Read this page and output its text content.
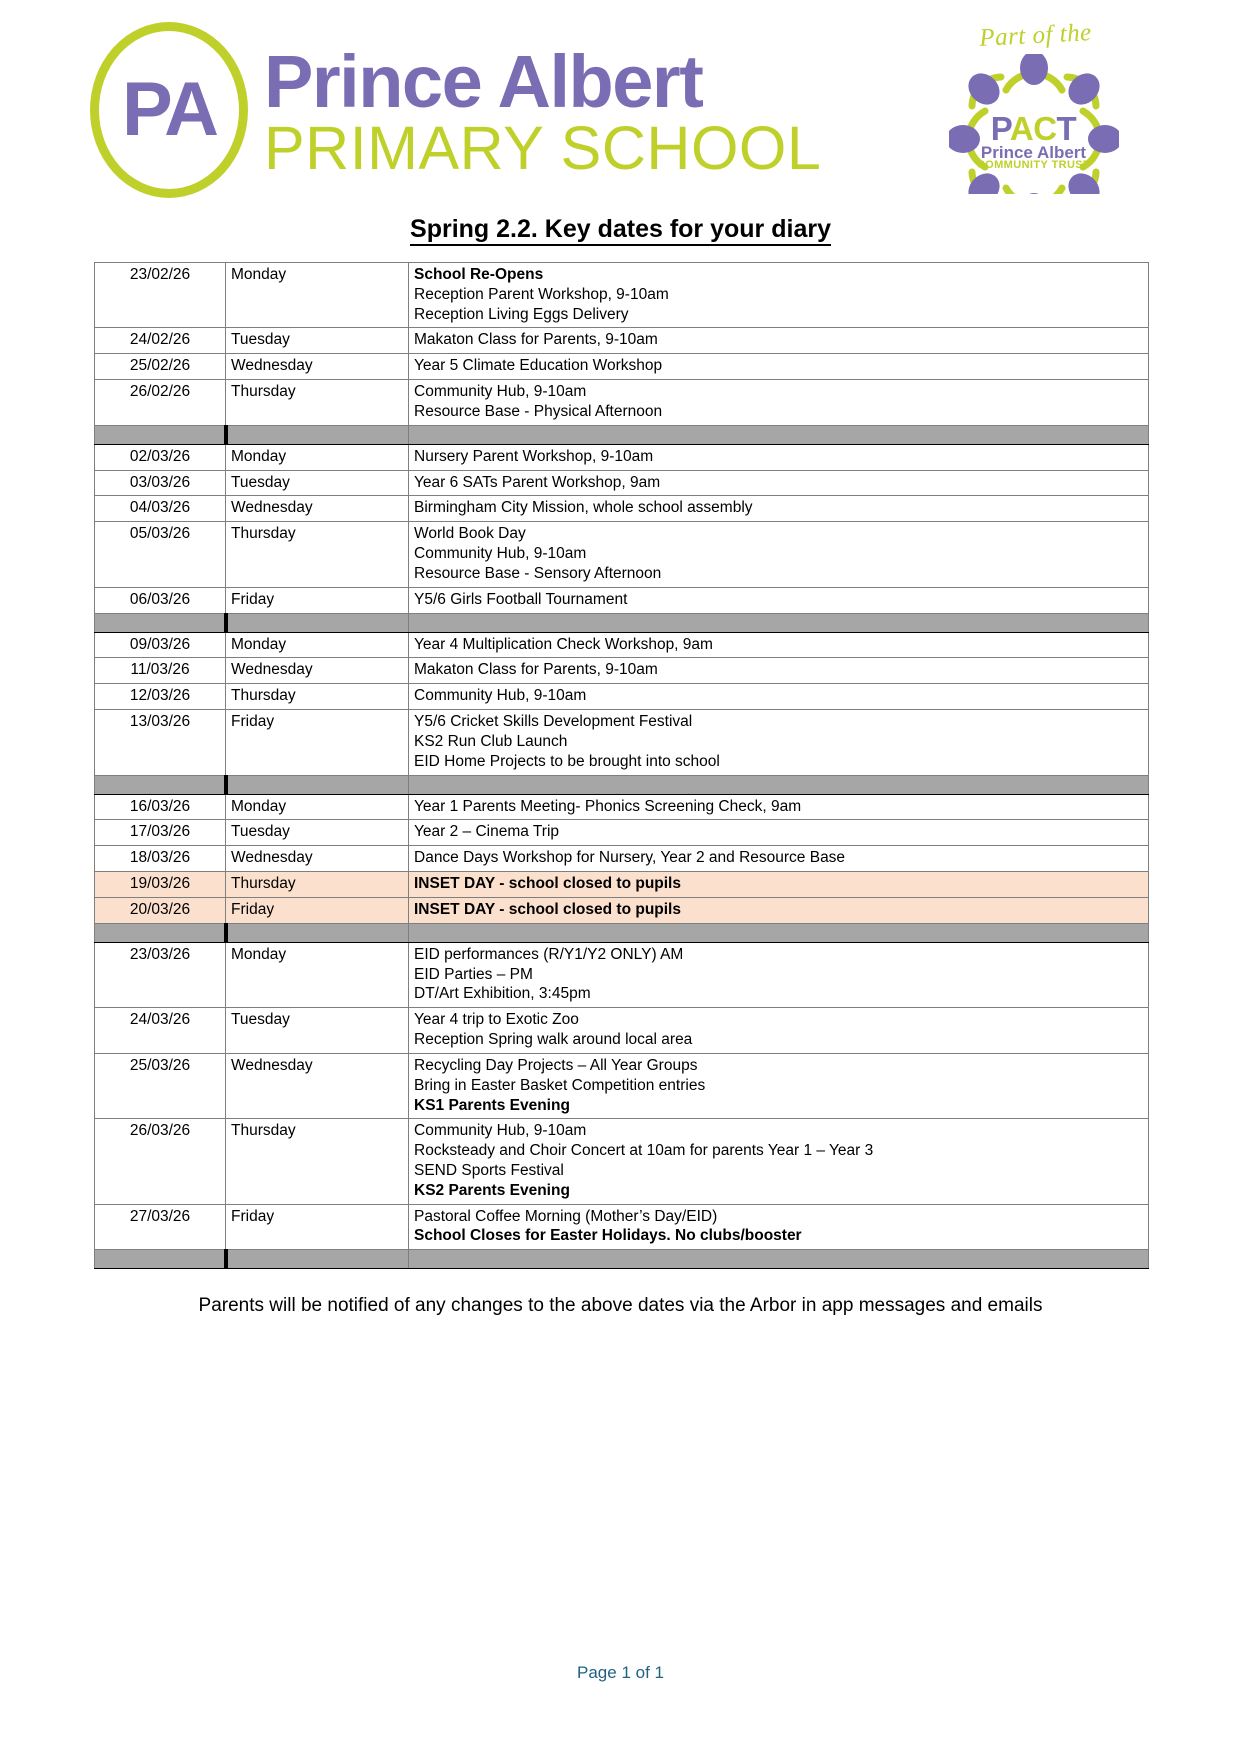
PA Prince Albert
PRIMARY SCHOOL
Part of the
PACT
Prince Albert
COMMUNITY TRUST
Spring 2.2. Key dates for your diary
23/02/26	Monday	School Re-Opens
Reception Parent Workshop, 9-10am
Reception Living Eggs Delivery

24/02/26	Tuesday	Makaton Class for Parents, 9-10am

25/02/26	Wednesday	Year 5 Climate Education Workshop

26/02/26	Thursday	Community Hub, 9-10am
Resource Base - Physical Afternoon

02/03/26	Monday	Nursery Parent Workshop, 9-10am

03/03/26	Tuesday	Year 6 SATs Parent Workshop, 9am

04/03/26	Wednesday	Birmingham City Mission, whole school assembly

05/03/26	Thursday	World Book Day
Community Hub, 9-10am
Resource Base - Sensory Afternoon

06/03/26	Friday	Y5/6 Girls Football Tournament

09/03/26	Monday	Year 4 Multiplication Check Workshop, 9am

11/03/26	Wednesday	Makaton Class for Parents, 9-10am

12/03/26	Thursday	Community Hub, 9-10am

13/03/26	Friday	Y5/6 Cricket Skills Development Festival
KS2 Run Club Launch
EID Home Projects to be brought into school

16/03/26	Monday	Year 1 Parents Meeting- Phonics Screening Check, 9am

17/03/26	Tuesday	Year 2 – Cinema Trip

18/03/26	Wednesday	Dance Days Workshop for Nursery, Year 2 and Resource Base

19/03/26	Thursday	INSET DAY - school closed to pupils

20/03/26	Friday	INSET DAY - school closed to pupils

23/03/26	Monday	EID performances (R/Y1/Y2 ONLY) AM
EID Parties – PM
DT/Art Exhibition, 3:45pm

24/03/26	Tuesday	Year 4 trip to Exotic Zoo
Reception Spring walk around local area

25/03/26	Wednesday	Recycling Day Projects – All Year Groups
Bring in Easter Basket Competition entries
KS1 Parents Evening

26/03/26	Thursday	Community Hub, 9-10am
Rocksteady and Choir Concert at 10am for parents Year 1 – Year 3
SEND Sports Festival
KS2 Parents Evening

27/03/26	Friday	Pastoral Coffee Morning (Mother’s Day/EID)
School Closes for Easter Holidays. No clubs/booster

Parents will be notified of any changes to the above dates via the Arbor in app messages and emails
Page 1 of 1
